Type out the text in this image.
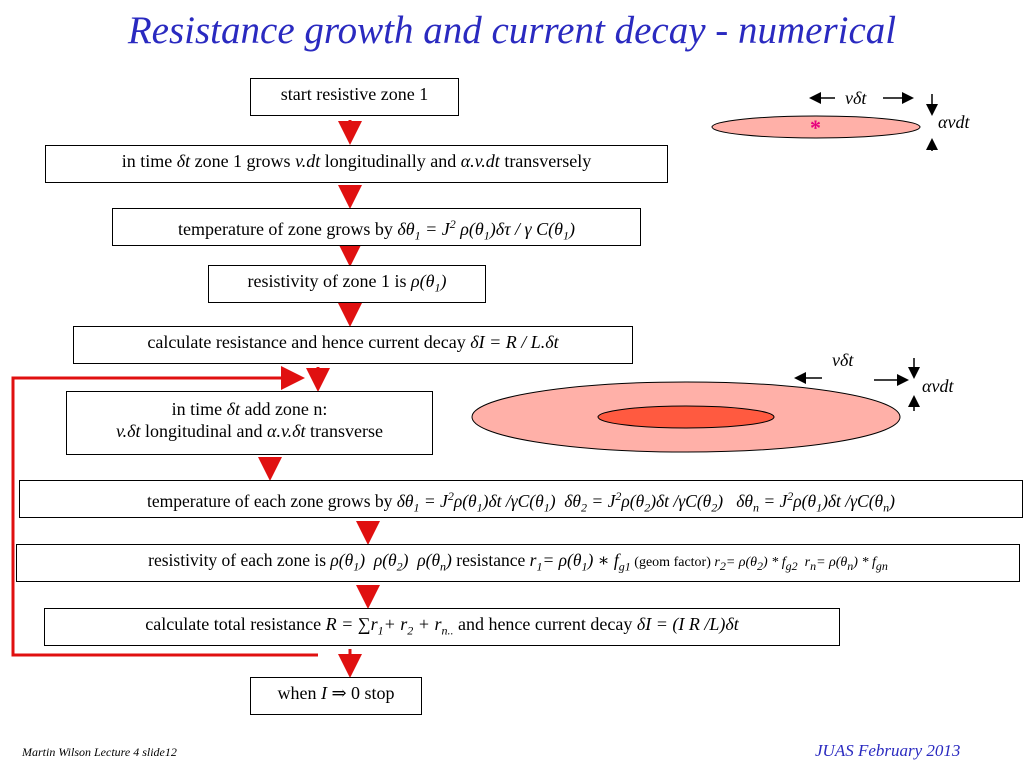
Resistance growth and current decay - numerical
start resistive zone 1
in time δt zone 1 grows v.dt longitudinally and α.v.dt transversely
temperature of zone grows by $\delta\theta_1 = J^2$ $\rho(\theta_1)\delta\tau$ / γ $C(\theta_1)$
resistivity of zone 1 is $\rho(\theta_1)$
calculate resistance and hence current decay δI = R / L.δt
in time δt add zone n:
v.δt longitudinal and α.v.δt transverse
temperature of each zone grows by $\delta\theta_1 = J^2\rho(\theta_1)\delta t$ $/\gamma C(\theta_1) \delta\theta_2 = J^2\rho(\theta_2)\delta t$ $/\gamma C(\theta_2) \delta\theta_n = J^2\rho(\theta_1)\delta t$ $/\gamma C(\theta_n)$
resistivity of each zone is $\rho(\theta_1)$ $\rho(\theta_2)$ $\rho(\theta_n)$ resistance $r_1= \rho(\theta_1)$ ∗ $f_{g1}$ (geom factor) r2= ρ(θ2) * fg2 rn= ρ(θn) * fgn
calculate total resistance $R = \sum r_1+ r_2 + r_{n..}$ and hence current decay δI = (I R /L)δt
when I ⇒ 0 stop
vδt
αvdt
*
vδt
αvdt
Martin Wilson Lecture 4 slide12	JUAS February 2013
